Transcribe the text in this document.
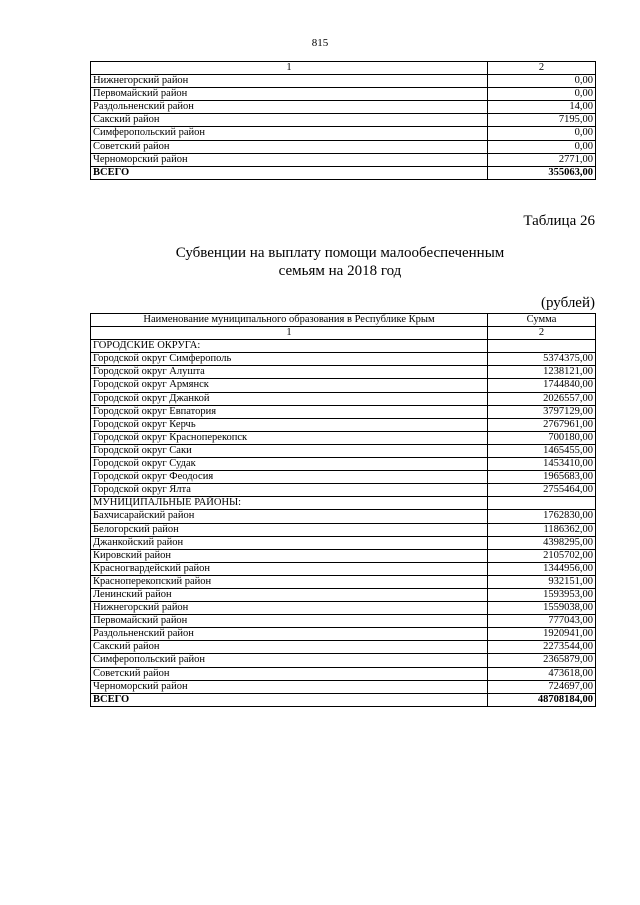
815
1	2
Нижнегорский район	0,00
Первомайский район	0,00
Раздольненский район	14,00
Сакский район	7195,00
Симферопольский район	0,00
Советский район	0,00
Черноморский район	2771,00
ВСЕГО	355063,00
Таблица 26
Субвенции на выплату помощи малообеспеченным
семьям на 2018 год
(рублей)
Наименование муниципального образования в Республике Крым	Сумма
1	2
ГОРОДСКИЕ ОКРУГА:	
Городской округ Симферополь	5374375,00
Городской округ Алушта	1238121,00
Городской округ Армянск	1744840,00
Городской округ Джанкой	2026557,00
Городской округ Евпатория	3797129,00
Городской округ Керчь	2767961,00
Городской округ Красноперекопск	700180,00
Городской округ Саки	1465455,00
Городской округ Судак	1453410,00
Городской округ Феодосия	1965683,00
Городской округ Ялта	2755464,00
МУНИЦИПАЛЬНЫЕ РАЙОНЫ:	
Бахчисарайский район	1762830,00
Белогорский район	1186362,00
Джанкойский район	4398295,00
Кировский район	2105702,00
Красногвардейский район	1344956,00
Красноперекопский район	932151,00
Ленинский район	1593953,00
Нижнегорский район	1559038,00
Первомайский район	777043,00
Раздольненский район	1920941,00
Сакский район	2273544,00
Симферопольский район	2365879,00
Советский район	473618,00
Черноморский район	724697,00
ВСЕГО	48708184,00
